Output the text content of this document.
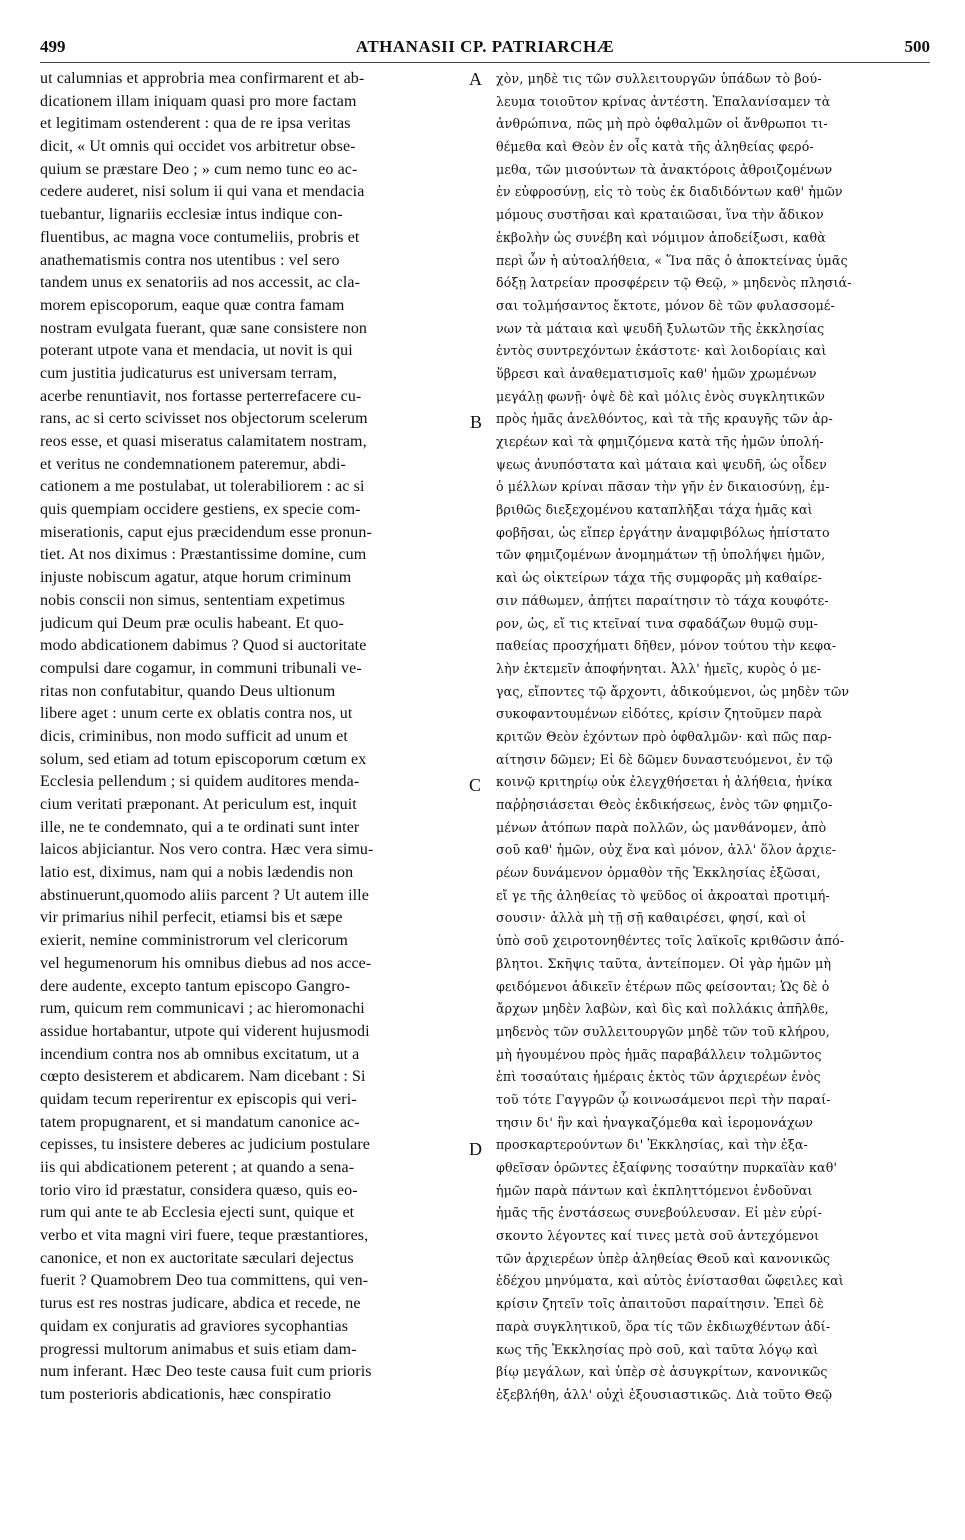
499	ATHANASII CP. PATRIARCHÆ	500
ut calumnias et approbria mea confirmarent et ab-
dicationem illam iniquam quasi pro more factam
et legitimam ostenderent : qua de re ipsa veritas
dicit, « Ut omnis qui occidet vos arbitretur obse-
quium se præstare Deo ; » cum nemo tunc eo ac-
cedere auderet, nisi solum ii qui vana et mendacia
tuebantur, lignariis ecclesiæ intus indique con-
fluentibus, ac magna voce contumeliis, probris et
anathematismis contra nos utentibus : vel sero
tandem unus ex senatoriis ad nos accessit, ac cla-
morem episcoporum, eaque quæ contra famam
nostram evulgata fuerant, quæ sane consistere non
poterant utpote vana et mendacia, ut novit is qui
cum justitia judicaturus est universam terram,
acerbe renuntiavit, nos fortasse perterrefacere cu-
rans, ac si certo scivisset nos objectorum scelerum
reos esse, et quasi miseratus calamitatem nostram,
et veritus ne condemnationem pateremur, abdi-
cationem a me postulabat, ut tolerabiliorem : ac si
quis quempiam occidere gestiens, ex specie com-
miserationis, caput ejus præcidendum esse pronun-
tiet. At nos diximus : Præstantissime domine, cum
injuste nobiscum agatur, atque horum criminum
nobis conscii non simus, sententiam expetimus
judicum qui Deum præ oculis habeant. Et quo-
modo abdicationem dabimus ? Quod si auctoritate
compulsi dare cogamur, in communi tribunali ve-
ritas non confutabitur, quando Deus ultionum
libere aget : unum certe ex oblatis contra nos, ut
dicis, criminibus, non modo sufficit ad unum et
solum, sed etiam ad totum episcoporum cœtum ex
Ecclesia pellendum ; si quidem auditores menda-
cium veritati præponant. At periculum est, inquit
ille, ne te condemnato, qui a te ordinati sunt inter
laicos abjiciantur. Nos vero contra. Hæc vera simu-
latio est, diximus, nam qui a nobis lædendis non
abstinuerunt,quomodo aliis parcent ? Ut autem ille
vir primarius nihil perfecit, etiamsi bis et sæpe
exierit, nemine comministrorum vel clericorum
vel hegumenorum his omnibus diebus ad nos acce-
dere audente, excepto tantum episcopo Gangro-
rum, quicum rem communicavi ; ac hieromonachi
assidue hortabantur, utpote qui viderent hujusmodi
incendium contra nos ab omnibus excitatum, ut a
cœpto desisterem et abdicarem. Nam dicebant : Si
quidam tecum reperirentur ex episcopis qui veri-
tatem propugnarent, et si mandatum canonice ac-
cepisses, tu insistere deberes ac judicium postulare
iis qui abdicationem peterent ; at quando a sena-
torio viro id præstatur, considera quæso, quis eo-
rum qui ante te ab Ecclesia ejecti sunt, quique et
verbo et vita magni viri fuere, teque præstantiores,
canonice, et non ex auctoritate sæculari dejectus
fuerit ? Quamobrem Deo tua committens, qui ven-
turus est res nostras judicare, abdica et recede, ne
quidam ex conjuratis ad graviores sycophantias
progressi multorum animabus et suis etiam dam-
num inferant. Hæc Deo teste causa fuit cum prioris
tum posterioris abdicationis, hæc conspiratio
χὸν, μηδὲ τις τῶν συλλειτουργῶν ὑπάδων τὸ βού-
λευμα τοιοῦτον κρίνας ἀντέστη. Ἐπαλανίσαμεν τὰ
ἀνθρώπινα, πῶς μὴ πρὸ ὀφθαλμῶν οἱ ἄνθρωποι τι-
θέμεθα καὶ Θεὸν ἐν οἷς κατὰ τῆς ἀληθείας φερό-
μεθα, τῶν μισούντων τὰ ἀνακτόροις ἀθροιζομένων
ἐν εὐφροσύνῃ, εἰς τὸ τοὺς ἐκ διαδιδόντων καθ' ἡμῶν
μόμους συστῆσαι καὶ κραταιῶσαι, ἵνα τὴν ἄδικον
ἐκβολὴν ὡς συνέβη καὶ νόμιμον ἀποδείξωσι, καθὰ
περὶ ὧν ἡ αὐτοαλήθεια, « Ἵνα πᾶς ὁ ἀποκτείνας ὑμᾶς
δόξῃ λατρείαν προσφέρειν τῷ Θεῷ, » μηδενὸς πλησιά-
σαι τολμήσαντος ἔκτοτε, μόνον δὲ τῶν φυλασσομέ-
νων τὰ μάταια καὶ ψευδῆ ξυλωτῶν τῆς ἐκκλησίας
ἐντὸς συντρεχόντων ἑκάστοτε· καὶ λοιδορίαις καὶ
ὕβρεσι καὶ ἀναθεματισμοῖς καθ' ἡμῶν χρωμένων
μεγάλῃ φωνῇ· ὀψὲ δὲ καὶ μόλις ἑνὸς συγκλητικῶν
πρὸς ἡμᾶς ἀνελθόντος, καὶ τὰ τῆς κραυγῆς τῶν ἀρ-
χιερέων καὶ τὰ φημιζόμενα κατὰ τῆς ἡμῶν ὑπολή-
ψεως ἀνυπόστατα καὶ μάταια καὶ ψευδῆ, ὡς οἶδεν
ὁ μέλλων κρίναι πᾶσαν τὴν γῆν ἐν δικαιοσύνῃ, ἐμ-
βριθῶς διεξεχομένου καταπλῆξαι τάχα ἡμᾶς καὶ
φοβῆσαι, ὡς εἴπερ ἐργάτην ἀναμφιβόλως ἠπίστατο
τῶν φημιζομένων ἀνομημάτων τῇ ὑπολήψει ἡμῶν,
καὶ ὡς οἰκτείρων τάχα τῆς συμφορᾶς μὴ καθαίρε-
σιν πάθωμεν, ἀπῄτει παραίτησιν τὸ τάχα κουφότε-
ρον, ὡς, εἴ τις κτεῖναί τινα σφαδάζων θυμῷ συμ-
παθείας προσχήματι δῆθεν, μόνον τούτου τὴν κεφα-
λὴν ἐκτεμεῖν ἀποφήνηται. Ἀλλ' ἡμεῖς, κυρὸς ὁ με-
γας, εἴποντες τῷ ἄρχοντι, ἀδικούμενοι, ὡς μηδὲν τῶν
συκοφαντουμένων εἰδότες, κρίσιν ζητοῦμεν παρὰ
κριτῶν Θεὸν ἐχόντων πρὸ ὀφθαλμῶν· καὶ πῶς παρ-
αίτησιν δῶμεν; Εἰ δὲ δῶμεν δυναστευόμενοι, ἐν τῷ
κοινῷ κριτηρίῳ οὐκ ἐλεγχθήσεται ἡ ἀλήθεια, ἡνίκα
παῤῥησιάσεται Θεὸς ἐκδικήσεως, ἑνὸς τῶν φημιζο-
μένων ἀτόπων παρὰ πολλῶν, ὡς μανθάνομεν, ἀπὸ
σοῦ καθ' ἡμῶν, οὐχ ἕνα καὶ μόνον, ἀλλ' ὅλον ἀρχιε-
ρέων δυνάμενον ὁρμαθὸν τῆς Ἐκκλησίας ἐξῶσαι,
εἴ γε τῆς ἀληθείας τὸ ψεῦδος οἱ ἀκροαταὶ προτιμή-
σουσιν· ἀλλὰ μὴ τῇ σῇ καθαιρέσει, φησί, καὶ οἱ
ὑπὸ σοῦ χειροτονηθέντες τοῖς λαϊκοῖς κριθῶσιν ἀπό-
βλητοι. Σκῆψις ταῦτα, ἀντείπομεν. Οἱ γὰρ ἡμῶν μὴ
φειδόμενοι ἀδικεῖν ἑτέρων πῶς φείσονται; Ὡς δὲ ὁ
ἄρχων μηδὲν λαβὼν, καὶ δὶς καὶ πολλάκις ἀπῆλθε,
μηδενὸς τῶν συλλειτουργῶν μηδὲ τῶν τοῦ κλήρου,
μὴ ἡγουμένου πρὸς ἡμᾶς παραβάλλειν τολμῶντος
ἐπὶ τοσαύταις ἡμέραις ἐκτὸς τῶν ἀρχιερέων ἑνὸς
τοῦ τότε Γαγγρῶν ᾧ κοινωσάμενοι περὶ τὴν παραί-
τησιν δι' ἣν καὶ ἠναγκαζόμεθα καὶ ἱερομονάχων
προσκαρτερούντων δι' Ἐκκλησίας, καὶ τὴν ἐξα-
φθεῖσαν ὁρῶντες ἐξαίφνης τοσαύτην πυρκαϊὰν καθ'
ἡμῶν παρὰ πάντων καὶ ἐκπληττόμενοι ἐνδοῦναι
ἡμᾶς τῆς ἐνστάσεως συνεβούλευσαν. Εἰ μὲν εὑρί-
σκοντο λέγοντες καί τινες μετὰ σοῦ ἀντεχόμενοι
τῶν ἀρχιερέων ὑπὲρ ἀληθείας Θεοῦ καὶ κανονικῶς
ἐδέχου μηνύματα, καὶ αὐτὸς ἐνίστασθαι ὤφειλες καὶ
κρίσιν ζητεῖν τοῖς ἀπαιτοῦσι παραίτησιν. Ἐπεὶ δὲ
παρὰ συγκλητικοῦ, ὅρα τίς τῶν ἐκδιωχθέντων ἀδί-
κως τῆς Ἐκκλησίας πρὸ σοῦ, καὶ ταῦτα λόγῳ καὶ
βίῳ μεγάλων, καὶ ὑπὲρ σὲ ἀσυγκρίτων, κανονικῶς
ἐξεβλήθη, ἀλλ' οὐχὶ ἐξουσιαστικῶς. Διὰ τοῦτο Θεῷ
A
B
C
D
